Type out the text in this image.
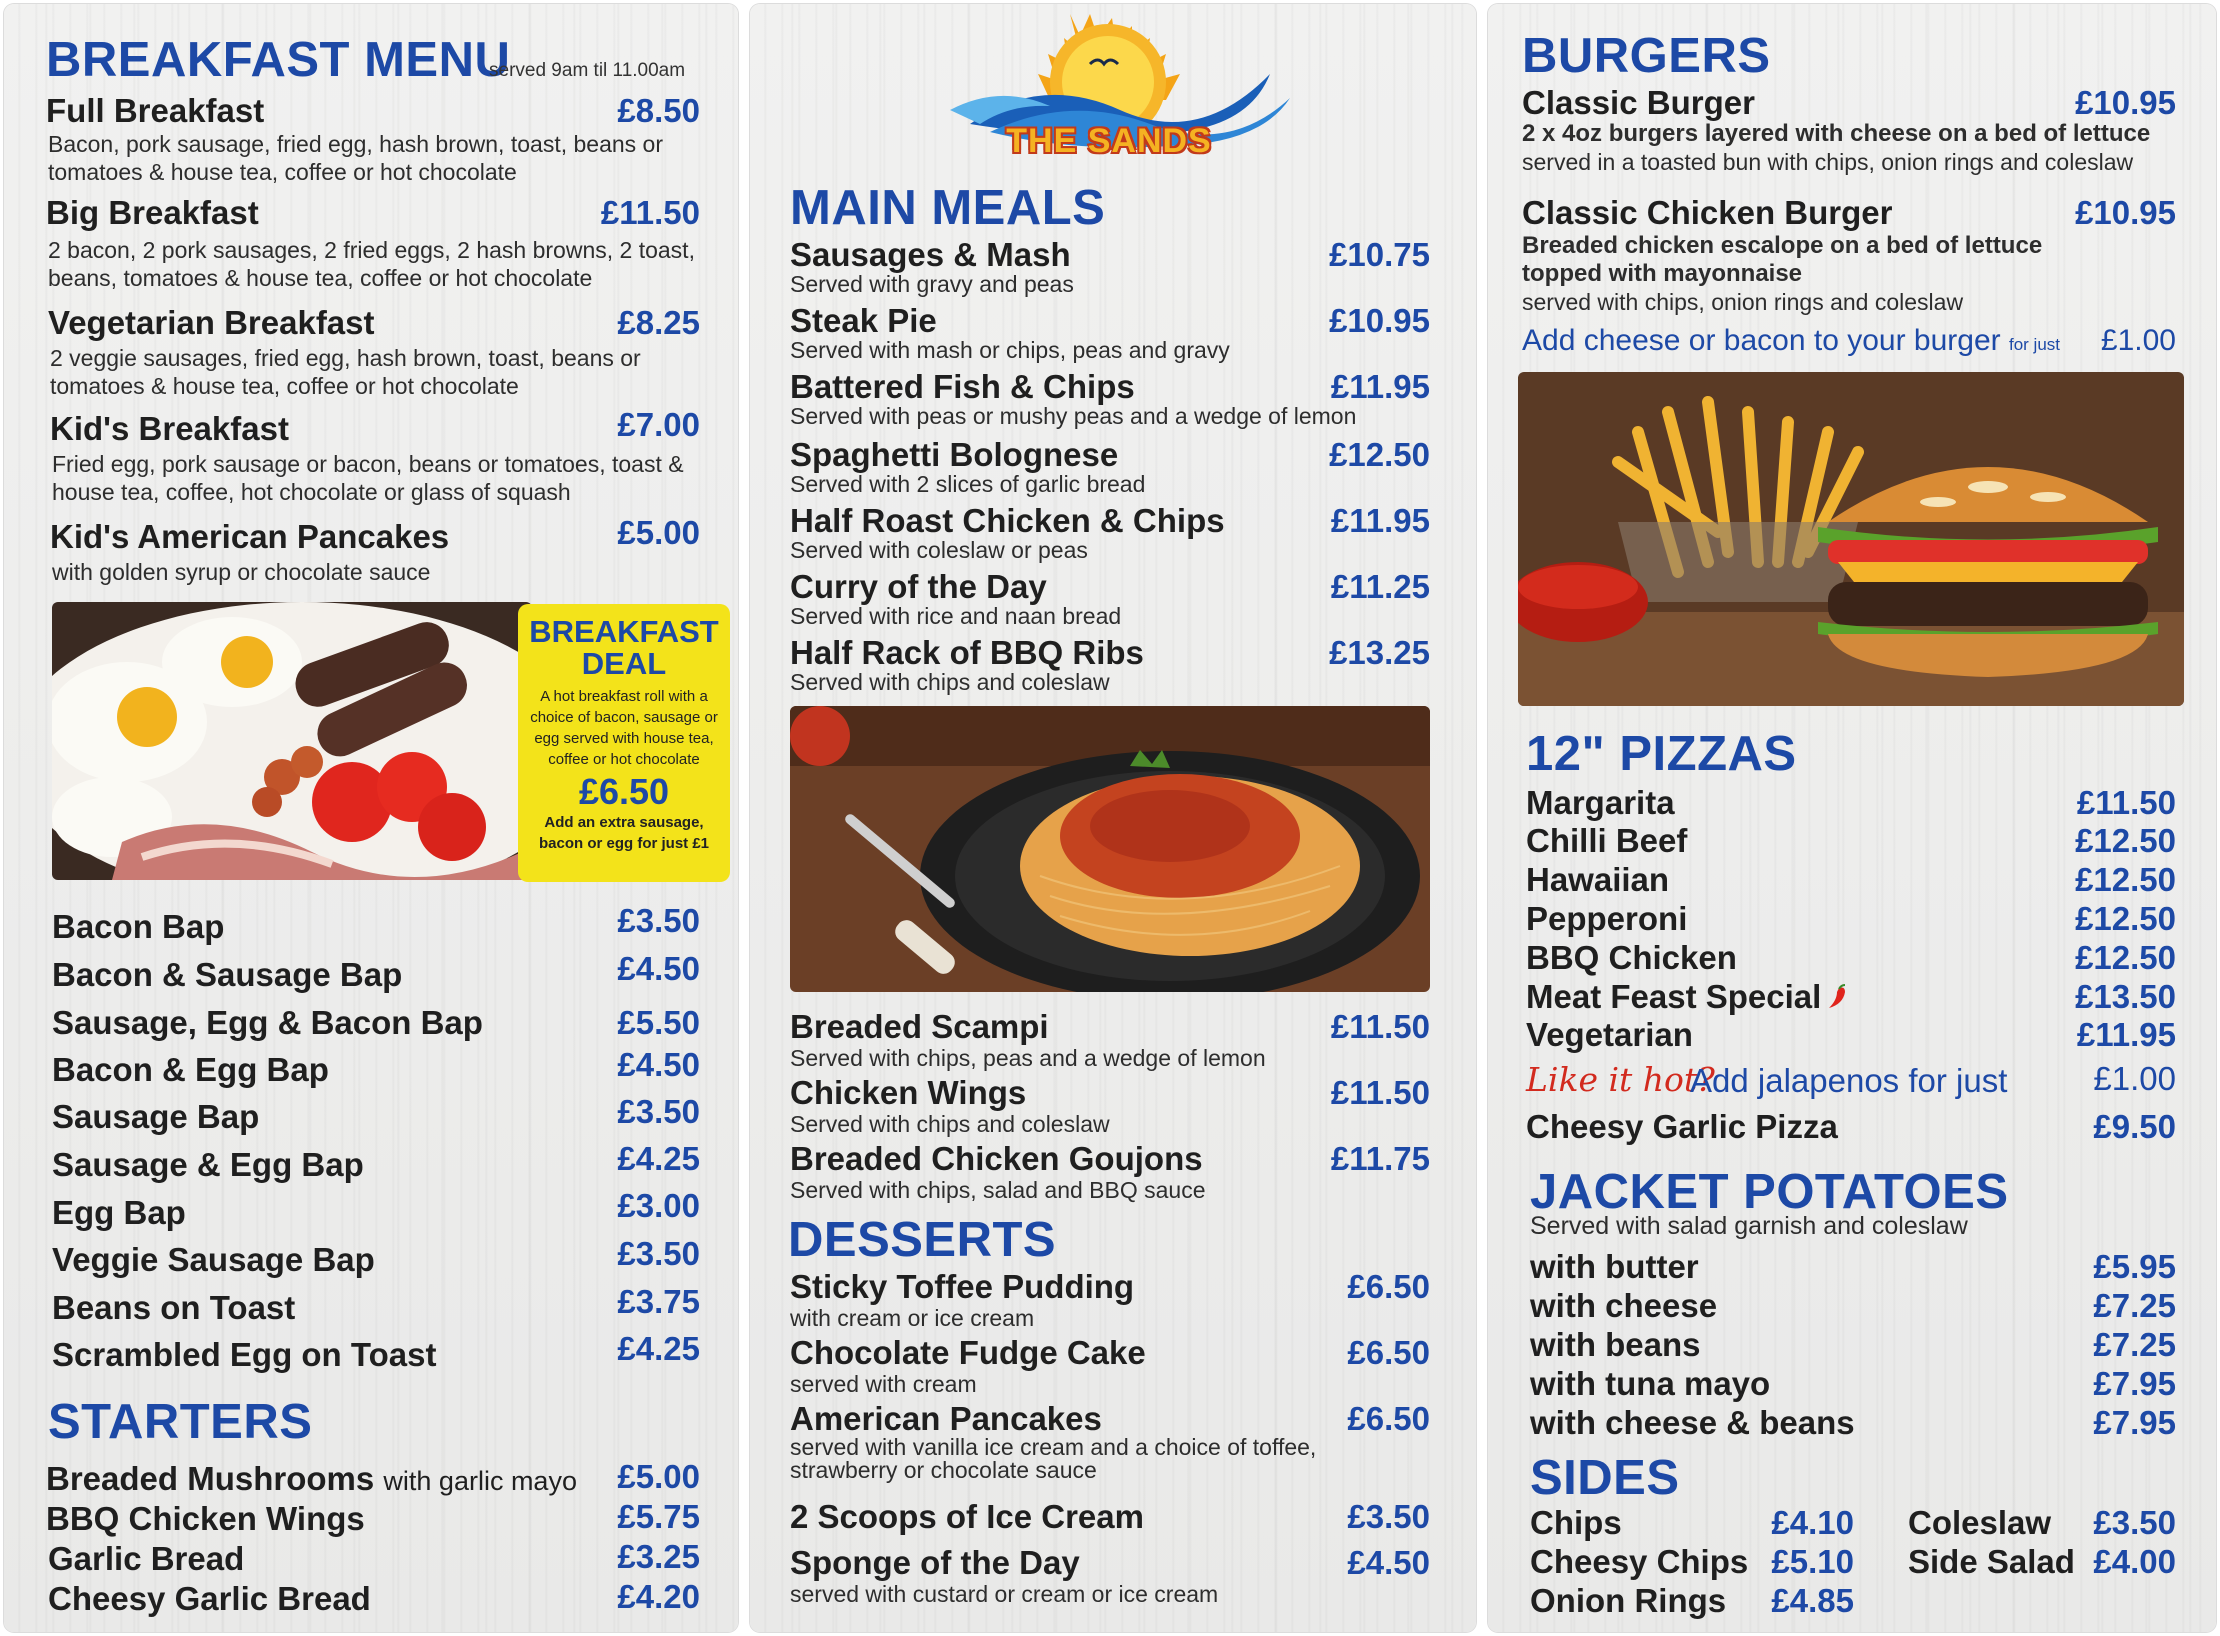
BREAKFAST MENU
served 9am til 11.00am
Full Breakfast	£8.50
Bacon, pork sausage, fried egg, hash brown, toast, beans or tomatoes & house tea, coffee or hot chocolate
Big Breakfast	£11.50
2 bacon, 2 pork sausages, 2 fried eggs, 2 hash browns, 2 toast, beans, tomatoes & house tea, coffee or hot chocolate
Vegetarian Breakfast	£8.25
2 veggie sausages, fried egg, hash brown, toast, beans or tomatoes & house tea, coffee or hot chocolate
Kid's Breakfast	£7.00
Fried egg, pork sausage or bacon, beans or tomatoes, toast & house tea, coffee, hot chocolate or glass of squash
Kid's American Pancakes	£5.00
with golden syrup or chocolate sauce
BREAKFAST
DEAL
A hot breakfast roll with a choice of bacon, sausage or egg served with house tea, coffee or hot chocolate
£6.50
Add an extra sausage, bacon or egg for just £1
Bacon Bap	£3.50
Bacon & Sausage Bap	£4.50
Sausage, Egg & Bacon Bap	£5.50
Bacon & Egg Bap	£4.50
Sausage Bap	£3.50
Sausage & Egg Bap	£4.25
Egg Bap	£3.00
Veggie Sausage Bap	£3.50
Beans on Toast	£3.75
Scrambled Egg on Toast	£4.25
STARTERS
Breaded Mushrooms with garlic mayo	£5.00
BBQ Chicken Wings	£5.75
Garlic Bread	£3.25
Cheesy Garlic Bread	£4.20
THE SANDS
MAIN MEALS
Sausages & Mash	£10.75
Served with gravy and peas
Steak Pie	£10.95
Served with mash or chips, peas and gravy
Battered Fish & Chips	£11.95
Served with peas or mushy peas and a wedge of lemon
Spaghetti Bolognese	£12.50
Served with 2 slices of garlic bread
Half Roast Chicken & Chips	£11.95
Served with coleslaw or peas
Curry of the Day	£11.25
Served with rice and naan bread
Half Rack of BBQ Ribs	£13.25
Served with chips and coleslaw
Breaded Scampi	£11.50
Served with chips, peas and a wedge of lemon
Chicken Wings	£11.50
Served with chips and coleslaw
Breaded Chicken Goujons	£11.75
Served with chips, salad and BBQ sauce
DESSERTS
Sticky Toffee Pudding	£6.50
with cream or ice cream
Chocolate Fudge Cake	£6.50
served with cream
American Pancakes	£6.50
served with vanilla ice cream and a choice of toffee, strawberry or chocolate sauce
2 Scoops of Ice Cream	£3.50
Sponge of the Day	£4.50
served with custard or cream or ice cream
BURGERS
Classic Burger	£10.95
2 x 4oz burgers layered with cheese on a bed of lettuce
served in a toasted bun with chips, onion rings and coleslaw
Classic Chicken Burger	£10.95
Breaded chicken escalope on a bed of lettuce topped with mayonnaise
served with chips, onion rings and coleslaw
Add cheese or bacon to your burger for just	£1.00
12" PIZZAS
Margarita	£11.50
Chilli Beef	£12.50
Hawaiian	£12.50
Pepperoni	£12.50
BBQ Chicken	£12.50
Meat Feast Special	£13.50
Vegetarian	£11.95
Like it hot?
Add jalapenos for just	£1.00
Cheesy Garlic Pizza	£9.50
JACKET POTATOES
Served with salad garnish and coleslaw
with butter	£5.95
with cheese	£7.25
with beans	£7.25
with tuna mayo	£7.95
with cheese & beans	£7.95
SIDES
Chips	£4.10
Cheesy Chips £5.10
Onion Rings	£4.85
Coleslaw	£3.50
Side Salad £4.00
